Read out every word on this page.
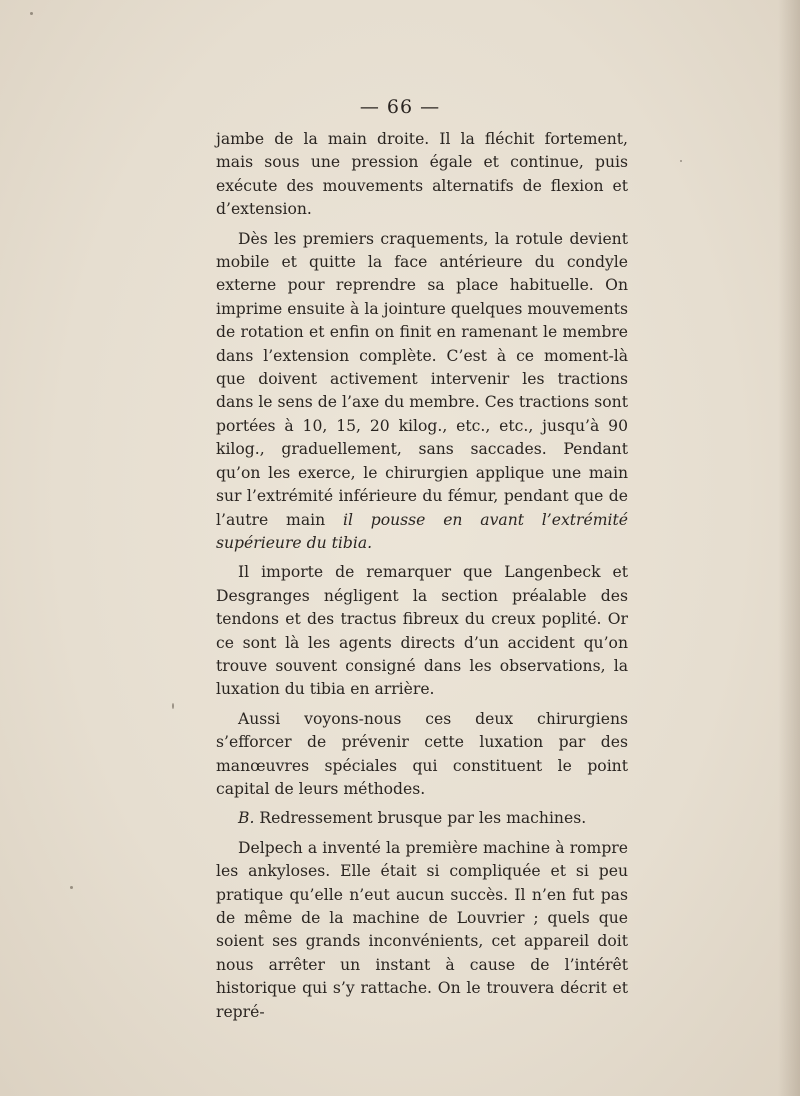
— 66 —

jambe de la main droite. Il la fléchit fortement, mais sous une pression égale et continue, puis exécute des mouvements alternatifs de flexion et d’extension.

Dès les premiers craquements, la rotule devient mobile et quitte la face antérieure du condyle externe pour reprendre sa place habituelle. On imprime ensuite à la jointure quelques mouvements de rotation et enfin on finit en ramenant le membre dans l’extension complète. C’est à ce moment-là que doivent activement intervenir les tractions dans le sens de l’axe du membre. Ces tractions sont portées à 10, 15, 20 kilog., etc., etc., jusqu’à 90 kilog., graduellement, sans saccades. Pendant qu’on les exerce, le chirurgien applique une main sur l’extrémité inférieure du fémur, pendant que de l’autre main il pousse en avant l’extrémité supérieure du tibia.

Il importe de remarquer que Langenbeck et Desgranges négligent la section préalable des tendons et des tractus fibreux du creux poplité. Or ce sont là les agents directs d’un accident qu’on trouve souvent consigné dans les observations, la luxation du tibia en arrière.

Aussi voyons-nous ces deux chirurgiens s’efforcer de prévenir cette luxation par des manœuvres spéciales qui constituent le point capital de leurs méthodes.

B. Redressement brusque par les machines.

Delpech a inventé la première machine à rompre les ankyloses. Elle était si compliquée et si peu pratique qu’elle n’eut aucun succès. Il n’en fut pas de même de la machine de Louvrier ; quels que soient ses grands inconvénients, cet appareil doit nous arrêter un instant à cause de l’intérêt historique qui s’y rattache. On le trouvera décrit et repré-
